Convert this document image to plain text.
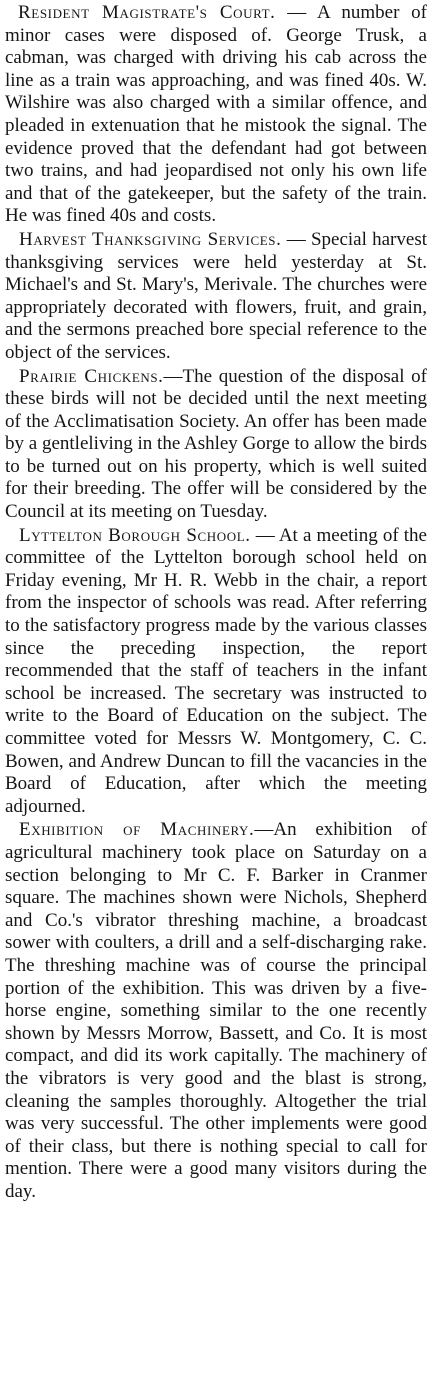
Resident Magistrate's Court. — A number of minor cases were disposed of. George Trusk, a cabman, was charged with driving his cab across the line as a train was approaching, and was fined 40s. W. Wilshire was also charged with a similar offence, and pleaded in extenuation that he mistook the signal. The evidence proved that the defendant had got between two trains, and had jeopardised not only his own life and that of the gatekeeper, but the safety of the train. He was fined 40s and costs.

Harvest Thanksgiving Services. — Special harvest thanksgiving services were held yesterday at St. Michael's and St. Mary's, Merivale. The churches were appropriately decorated with flowers, fruit, and grain, and the sermons preached bore special reference to the object of the services.

Prairie Chickens.—The question of the disposal of these birds will not be decided until the next meeting of the Acclimatisation Society. An offer has been made by a gentleliving in the Ashley Gorge to allow the birds to be turned out on his property, which is well suited for their breeding. The offer will be considered by the Council at its meeting on Tuesday.

Lyttelton Borough School. — At a meeting of the committee of the Lyttelton borough school held on Friday evening, Mr H. R. Webb in the chair, a report from the inspector of schools was read. After referring to the satisfactory progress made by the various classes since the preceding inspection, the report recommended that the staff of teachers in the infant school be increased. The secretary was instructed to write to the Board of Education on the subject. The committee voted for Messrs W. Montgomery, C. C. Bowen, and Andrew Duncan to fill the vacancies in the Board of Education, after which the meeting adjourned.

Exhibition of Machinery.—An exhibition of agricultural machinery took place on Saturday on a section belonging to Mr C. F. Barker in Cranmer square. The machines shown were Nichols, Shepherd and Co.'s vibrator threshing machine, a broadcast sower with coulters, a drill and a self-discharging rake. The threshing machine was of course the principal portion of the exhibition. This was driven by a five-horse engine, something similar to the one recently shown by Messrs Morrow, Bassett, and Co. It is most compact, and did its work capitally. The machinery of the vibrators is very good and the blast is strong, cleaning the samples thoroughly. Altogether the trial was very successful. The other implements were good of their class, but there is nothing special to call for mention. There were a good many visitors during the day.
